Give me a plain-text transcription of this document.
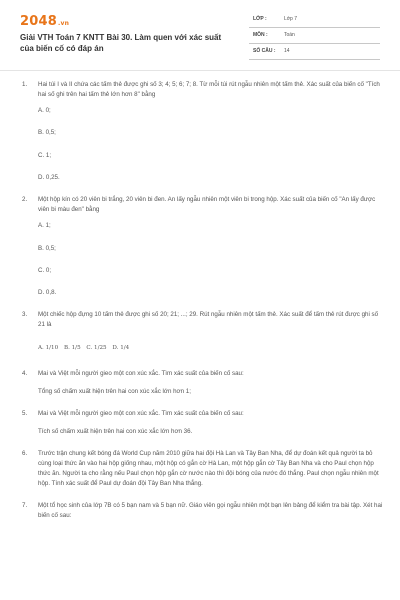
2048.vn
Giải VTH Toán 7 KNTT Bài 30. Làm quen với xác suất của biến cố có đáp án
LỚP :	Lớp 7
MÔN :	Toán
SỐ CÂU : 14
1. Hai túi I và II chứa các tấm thẻ được ghi số 3; 4; 5; 6; 7; 8. Từ mỗi túi rút ngẫu nhiên một tấm thẻ. Xác suất của biến cố "Tích hai số ghi trên hai tấm thẻ lớn hơn 8" bằng
A. 0;
B. 0,5;
C. 1;
D. 0,25.
2. Một hộp kín có 20 viên bi trắng, 20 viên bi đen. An lấy ngẫu nhiên một viên bi trong hộp. Xác suất của biến cố "An lấy được viên bi màu đen" bằng
A. 1;
B. 0,5;
C. 0;
D. 0,8.
3. Một chiếc hộp đựng 10 tấm thẻ được ghi số 20; 21; ...; 29. Rút ngẫu nhiên một tấm thẻ. Xác suất để tấm thẻ rút được ghi số 21 là
A. 1/10 B. 1/5 C. 1/25 D. 1/4
4. Mai và Việt mỗi người gieo một con xúc xắc. Tìm xác suất của biến cố sau:
Tổng số chấm xuất hiện trên hai con xúc xắc lớn hơn 1;
5. Mai và Việt mỗi người gieo một con xúc xắc. Tìm xác suất của biến cố sau:
Tích số chấm xuất hiện trên hai con xúc xắc lớn hơn 36.
6. Trước trận chung kết bóng đá World Cup năm 2010 giữa hai đội Hà Lan và Tây Ban Nha, để dự đoán kết quả người ta bỏ cùng loại thức ăn vào hai hộp giống nhau, một hộp có gắn cờ Hà Lan, một hộp gắn cờ Tây Ban Nha và cho Paul chọn hộp thức ăn. Người ta cho rằng nếu Paul chọn hộp gắn cờ nước nào thì đội bóng của nước đó thắng. Paul chọn ngẫu nhiên một hộp. Tính xác suất để Paul dự đoán đội Tây Ban Nha thắng.
7. Một tổ học sinh của lớp 7B có 5 bạn nam và 5 bạn nữ. Giáo viên gọi ngẫu nhiên một bạn lên bảng để kiểm tra bài tập. Xét hai biến cố sau:
